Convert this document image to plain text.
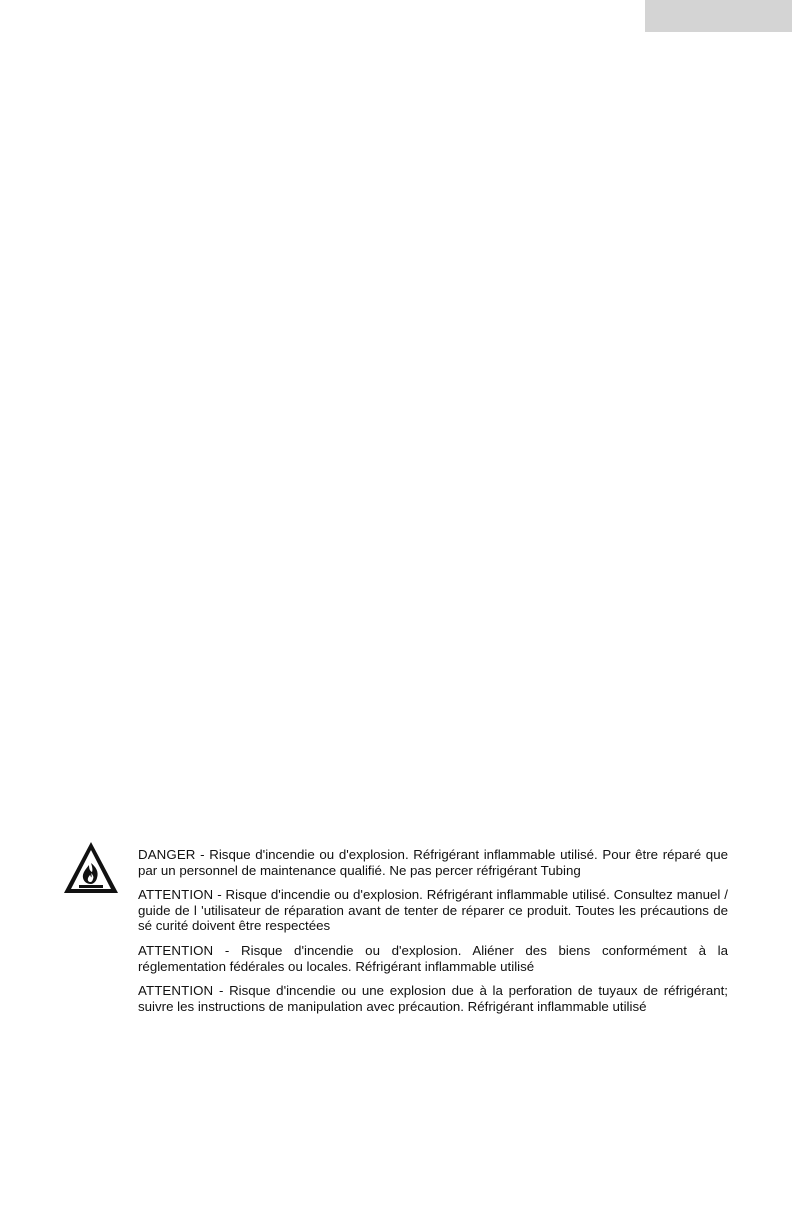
DANGER - Risque d'incendie ou d'explosion. Réfrigérant inflammable utilisé. Pour être réparé que par un personnel de maintenance qualifié. Ne pas percer réfrigérant Tubing

ATTENTION - Risque d'incendie ou d'explosion. Réfrigérant inflammable utilisé. Consultez manuel / guide de l 'utilisateur de réparation avant de tenter de réparer ce produit. Toutes les précautions de sé curité doivent être respectées

ATTENTION - Risque d'incendie ou d'explosion. Aliéner des biens conformément à la réglementation fédérales ou locales. Réfrigérant inflammable utilisé

ATTENTION - Risque d'incendie ou une explosion due à la perforation de tuyaux de réfrigérant; suivre les instructions de manipulation avec précaution. Réfrigérant inflammable utilisé
